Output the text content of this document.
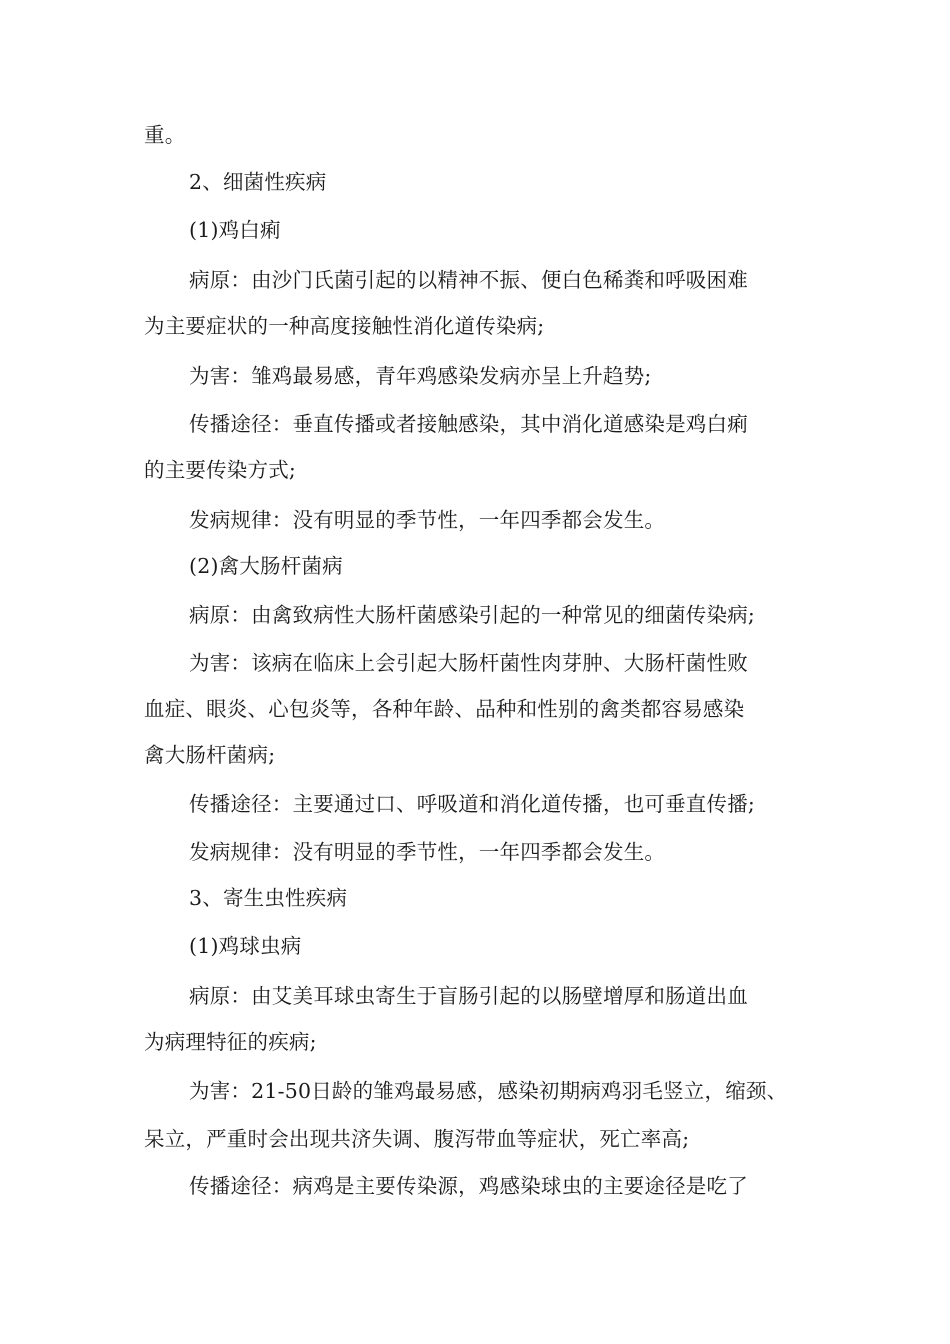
重。
2、细菌性疾病
(1)鸡白痢
病原：由沙门氏菌引起的以精神不振、便白色稀粪和呼吸困难
为主要症状的一种高度接触性消化道传染病;
为害：雏鸡最易感，青年鸡感染发病亦呈上升趋势;
传播途径：垂直传播或者接触感染，其中消化道感染是鸡白痢
的主要传染方式;
发病规律：没有明显的季节性，一年四季都会发生。
(2)禽大肠杆菌病
病原：由禽致病性大肠杆菌感染引起的一种常见的细菌传染病;
为害：该病在临床上会引起大肠杆菌性肉芽肿、大肠杆菌性败
血症、眼炎、心包炎等，各种年龄、品种和性别的禽类都容易感染
禽大肠杆菌病;
传播途径：主要通过口、呼吸道和消化道传播，也可垂直传播;
发病规律：没有明显的季节性，一年四季都会发生。
3、寄生虫性疾病
(1)鸡球虫病
病原：由艾美耳球虫寄生于盲肠引起的以肠壁增厚和肠道出血
为病理特征的疾病;
为害：21-50日龄的雏鸡最易感，感染初期病鸡羽毛竖立，缩颈、
呆立，严重时会出现共济失调、腹泻带血等症状，死亡率高;
传播途径：病鸡是主要传染源，鸡感染球虫的主要途径是吃了
